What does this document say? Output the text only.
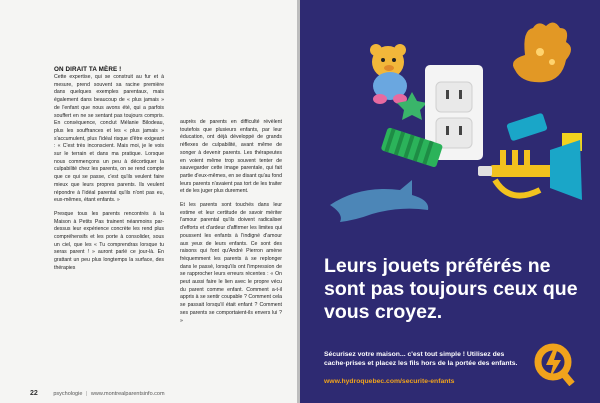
ON DIRAIT TA MÈRE !

Cette expertise, qui se construit au fur et à mesure, prend souvent sa racine première dans quelques exemples parentaux, mais également dans beaucoup de « plus jamais » de l'enfant que nous avons été, qui a parfois souffert en ne se sentant pas toujours compris. En conséquence, conclut Mélanie Bilodeau, plus les souffrances et les « plus jamais » s'accumulent, plus l'idéal risque d'être exigeant : « C'est très inconscient. Mais moi, je le vois sur le terrain et dans ma pratique. Lorsque nous commençons un peu à décortiquer la culpabilité chez les parents, on se rend compte que ce qui se passe, c'est qu'ils veulent faire mieux que leurs propres parents. Ils veulent répondre à l'idéal parental qu'ils n'ont pas eu, eux-mêmes, étant enfants. »

Presque tous les parents rencontrés à la Maison à Petits Pas trainent néanmoins par-dessus leur expérience concrète les rend plus compréhensifs et les porte à consolider, sous un ciel, que les « Tu comprendras lorsque tu seras parent ! » auront parlé ce jour-là. En grattant un peu plus longtemps la surface, des thérapies

auprès de parents en difficulté révèlent toutefois que plusieurs enfants, par leur éducation, ont déjà développé de grands réflexes de culpabilité, avant même de songer à devenir parents. Les thérapeutes en voient même trop souvent tenter de sauvegarder cette image parentale, qui fait partie d'eux-mêmes, en se disant qu'au fond leurs parents n'avaient pas tort de les traiter et de les juger plus durement.

Et les parents sont touchés dans leur estime et leur certitude de savoir mériter l'amour parental qu'ils doivent radicaliser d'efforts et d'ardeur d'affirmer les limites qui poussent les enfants à l'indigné d'amour aux yeux de leurs enfants. Ce sont des raisons qui font qu'André Pierron amène fréquemment les parents à se replonger dans le passé, lorsqu'ils ont l'impression de se rapprocher leurs erreurs récentes : « On peut aussi faire le lien avec le propre vécu du parent comme enfant. Comment a-t-il appris à se sentir coupable ? Comment cela se passait lorsqu'il était enfant ? Comment ses parents se comportaient-ils envers lui ? »

22	psychologie | www.montrealparentsinfo.com
Leurs jouets préférés ne sont pas toujours ceux que vous croyez.
Sécurisez votre maison... c'est tout simple ! Utilisez des cache-prises et placez les fils hors de la portée des enfants.
www.hydroquebec.com/securite-enfants
